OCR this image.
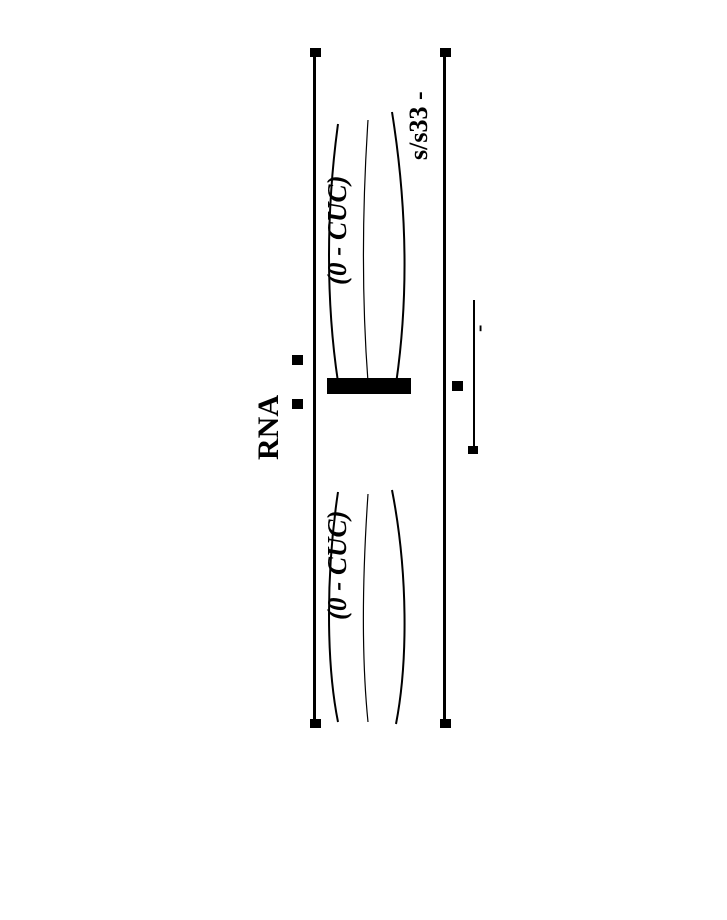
RNA
(0 - CUC)
(0 - CUC)
s/s33 -
-
